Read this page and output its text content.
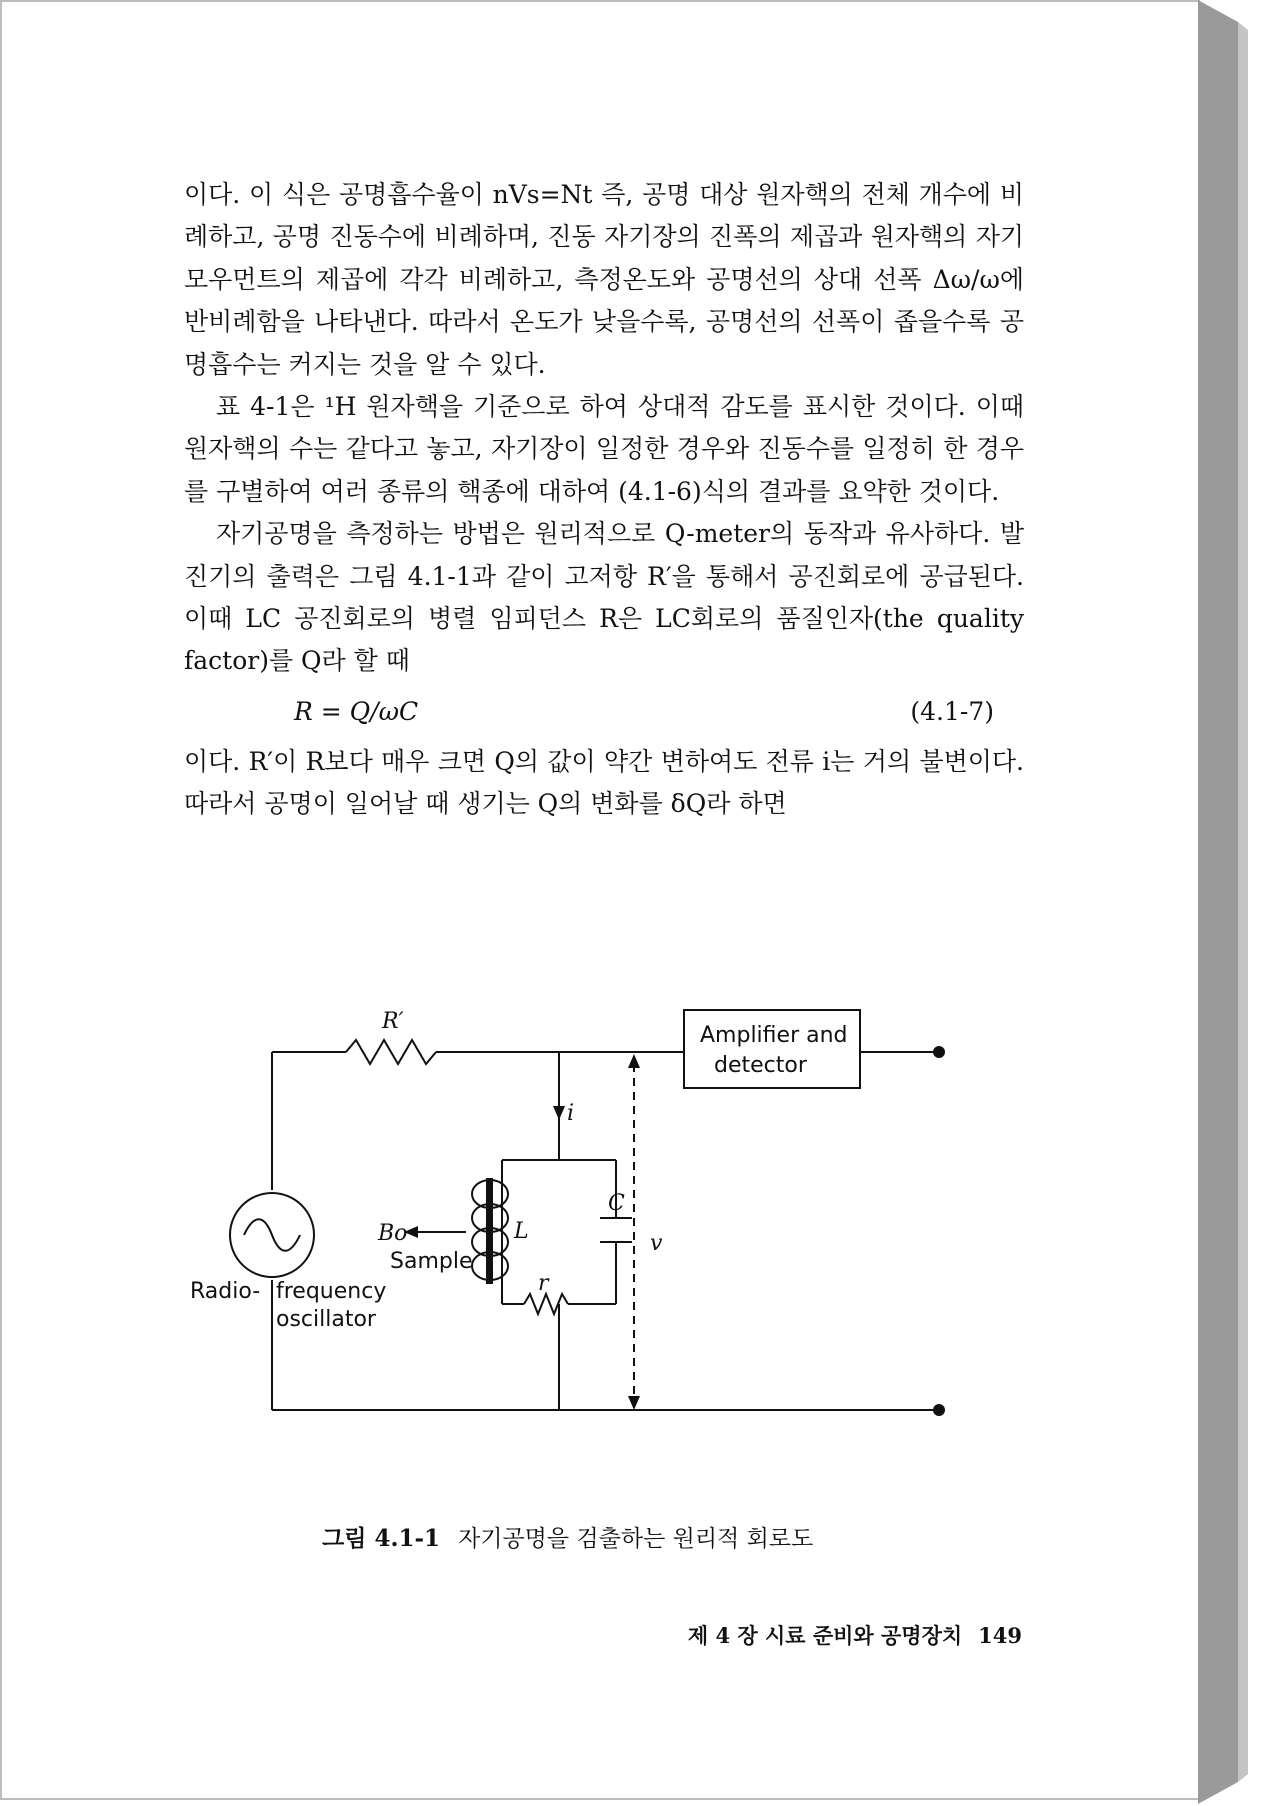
이다. 이 식은 공명흡수율이 nVs=Nt 즉, 공명 대상 원자핵의 전체 개수에 비례하고, 공명 진동수에 비례하며, 진동 자기장의 진폭의 제곱과 원자핵의 자기모우먼트의 제곱에 각각 비례하고, 측정온도와 공명선의 상대 선폭 Δω/ω에 반비례함을 나타낸다. 따라서 온도가 낮을수록, 공명선의 선폭이 좁을수록 공명흡수는 커지는 것을 알 수 있다.

표 4-1은 ¹H 원자핵을 기준으로 하여 상대적 감도를 표시한 것이다. 이때 원자핵의 수는 같다고 놓고, 자기장이 일정한 경우와 진동수를 일정히 한 경우를 구별하여 여러 종류의 핵종에 대하여 (4.1-6)식의 결과를 요약한 것이다.

자기공명을 측정하는 방법은 원리적으로 Q-meter의 동작과 유사하다. 발진기의 출력은 그림 4.1-1과 같이 고저항 R′을 통해서 공진회로에 공급된다. 이때 LC 공진회로의 병렬 임피던스 R은 LC회로의 품질인자(the quality factor)를 Q라 할 때

R = Q/ωC	(4.1-7)

이다. R′이 R보다 매우 크면 Q의 값이 약간 변하여도 전류 i는 거의 불변이다. 따라서 공명이 일어날 때 생기는 Q의 변화를 δQ라 하면

R′
Amplifier and
detector
i
C
L
Bo
Sample
v
r
Radio- frequency
oscillator
그림 4.1-1 자기공명을 검출하는 원리적 회로도
제 4 장 시료 준비와 공명장치 149
